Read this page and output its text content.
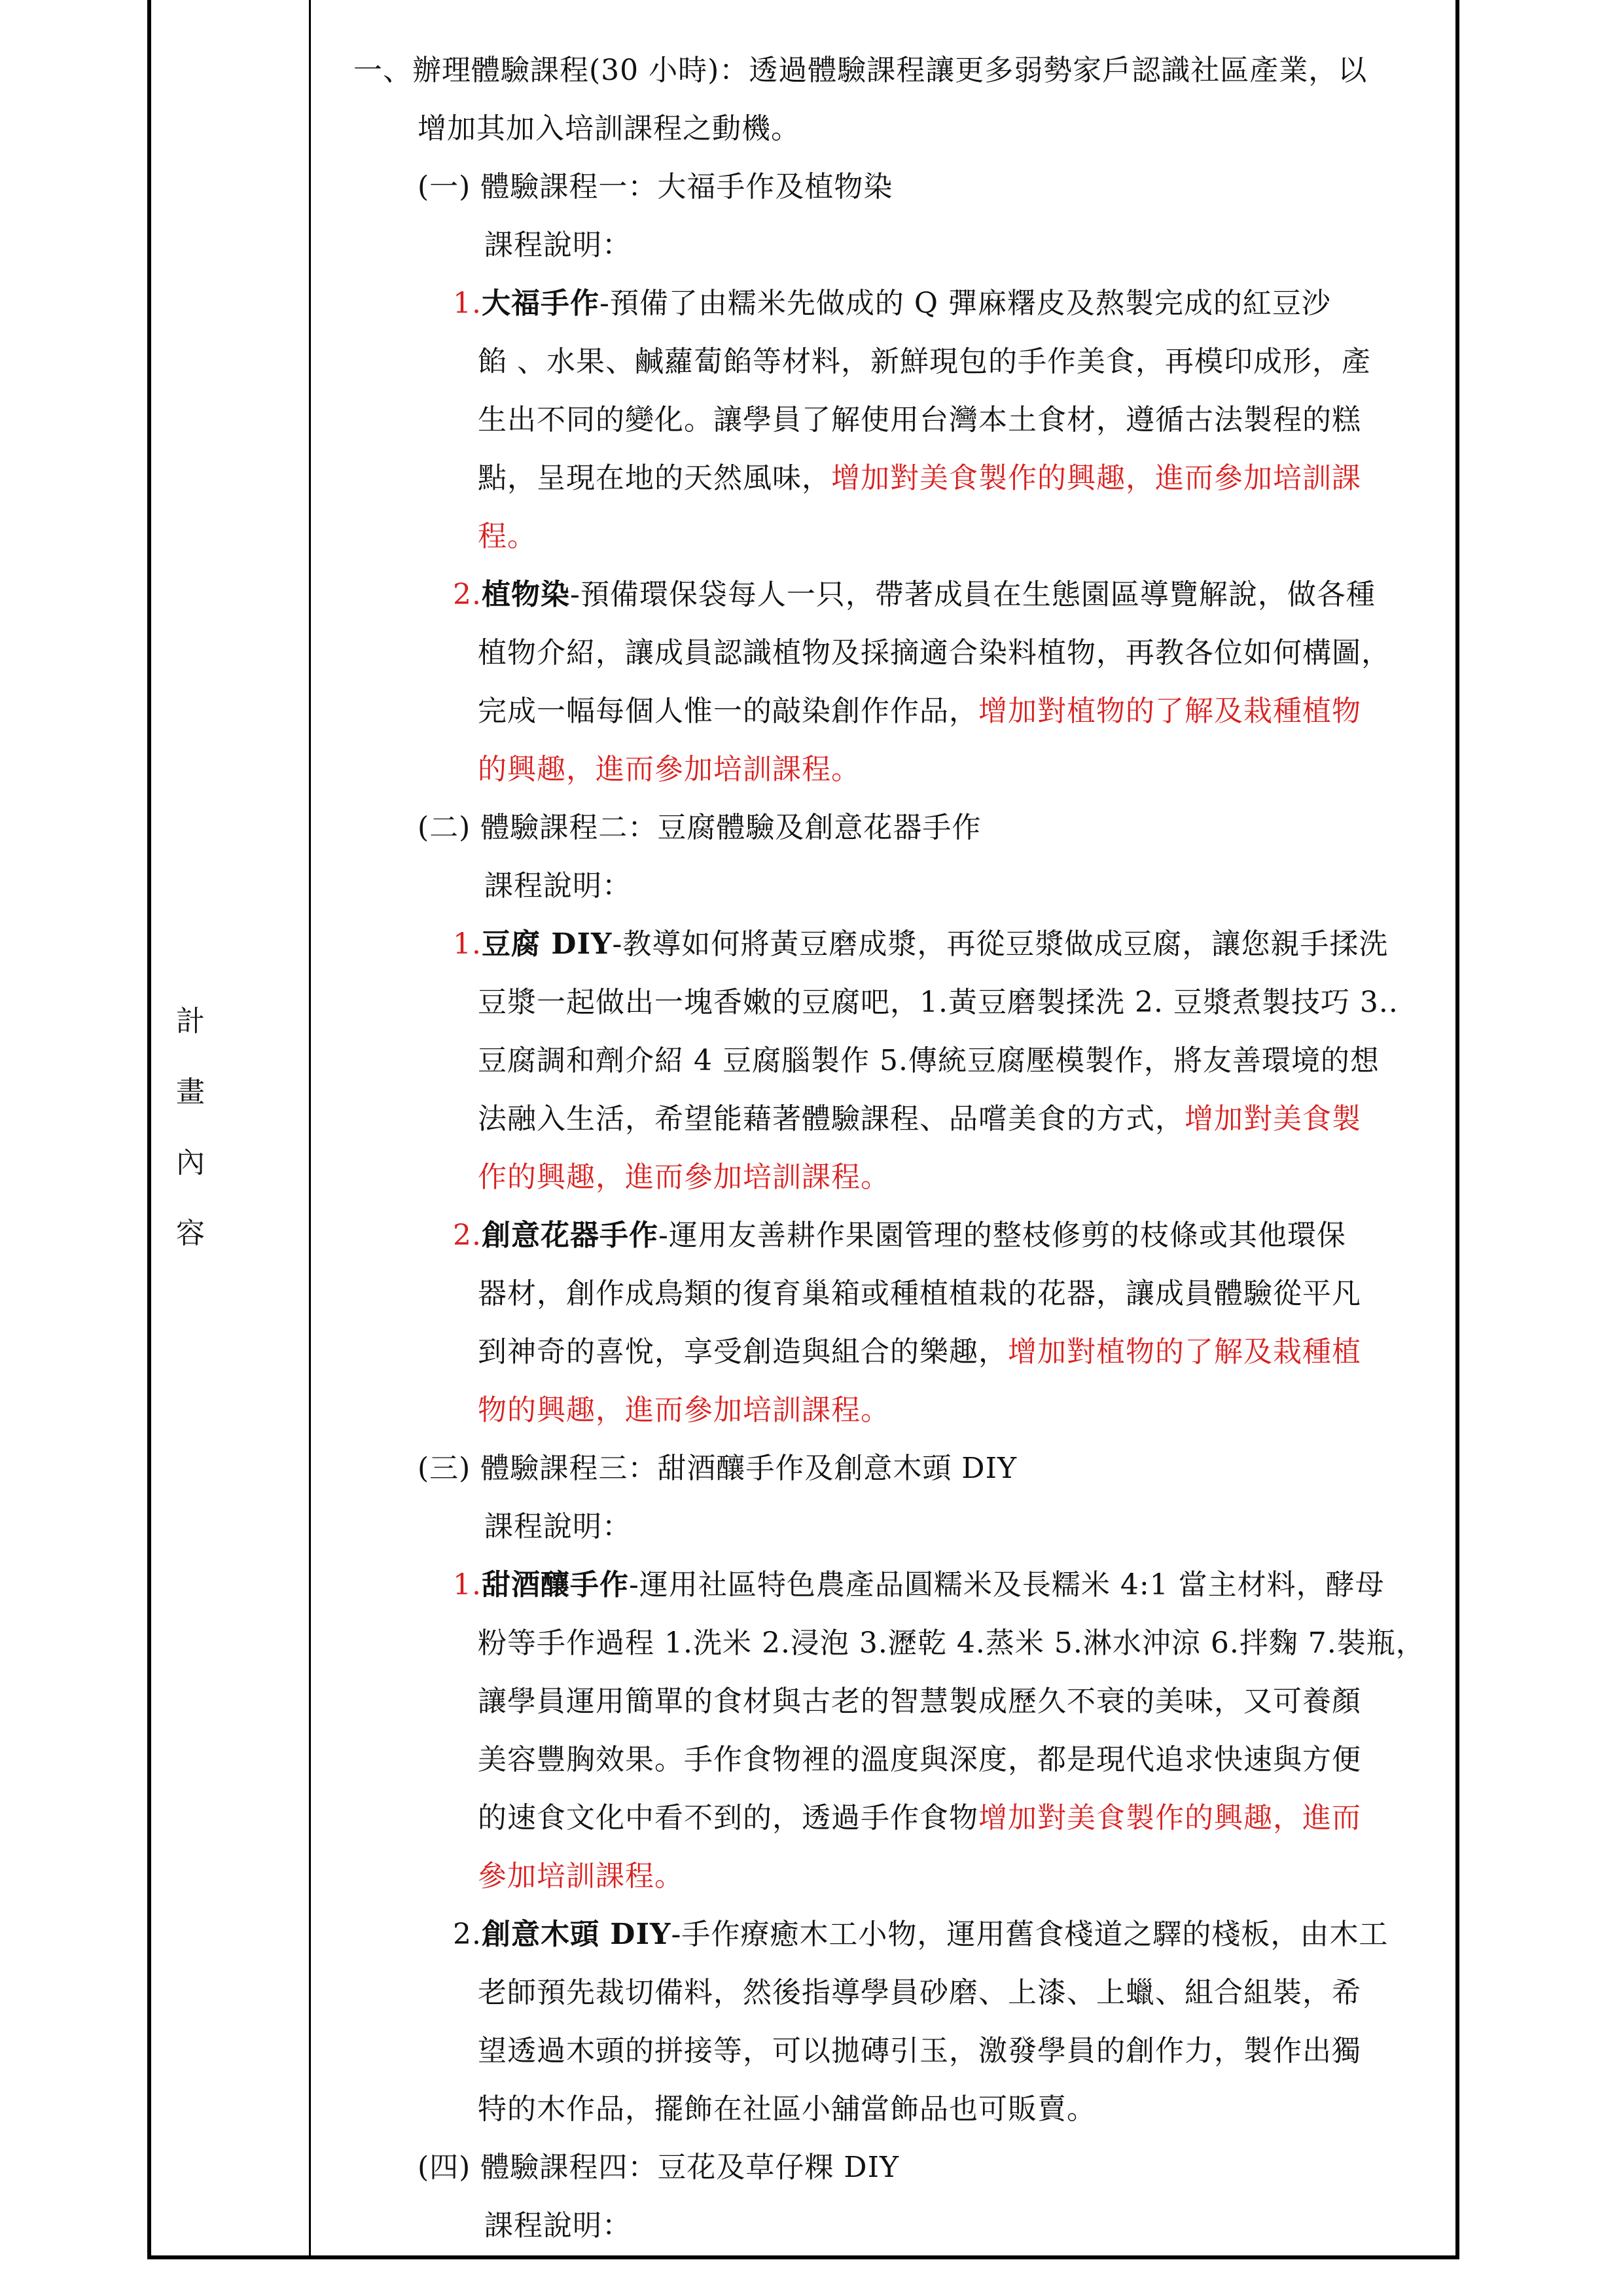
計 畫
內 容
一、辦理體驗課程(30 小時)：透過體驗課程讓更多弱勢家戶認識社區產業，以
增加其加入培訓課程之動機。
(一) 體驗課程一：大福手作及植物染
課程說明：
1.大福手作-預備了由糯米先做成的 Q 彈麻糬皮及熬製完成的紅豆沙
餡 、水果、鹹蘿蔔餡等材料，新鮮現包的手作美食，再模印成形，產
生出不同的變化。讓學員了解使用台灣本土食材，遵循古法製程的糕
點，呈現在地的天然風味，增加對美食製作的興趣，進而參加培訓課
程。
2.植物染-預備環保袋每人一只，帶著成員在生態園區導覽解說，做各種
植物介紹，讓成員認識植物及採摘適合染料植物，再教各位如何構圖，
完成一幅每個人惟一的敲染創作作品，增加對植物的了解及栽種植物
的興趣，進而參加培訓課程。
(二) 體驗課程二：豆腐體驗及創意花器手作
課程說明：
1.豆腐 DIY-教導如何將黃豆磨成漿，再從豆漿做成豆腐，讓您親手揉洗
豆漿一起做出一塊香嫩的豆腐吧，1.黃豆磨製揉洗 2. 豆漿煮製技巧 3..
豆腐調和劑介紹 4 豆腐腦製作 5.傳統豆腐壓模製作，將友善環境的想
法融入生活，希望能藉著體驗課程、品嚐美食的方式，增加對美食製
作的興趣，進而參加培訓課程。
2.創意花器手作-運用友善耕作果園管理的整枝修剪的枝條或其他環保
器材，創作成鳥類的復育巢箱或種植植栽的花器，讓成員體驗從平凡
到神奇的喜悅，享受創造與組合的樂趣，增加對植物的了解及栽種植
物的興趣，進而參加培訓課程。
(三) 體驗課程三：甜酒釀手作及創意木頭 DIY
課程說明：
1.甜酒釀手作-運用社區特色農產品圓糯米及長糯米 4:1 當主材料，酵母
粉等手作過程 1.洗米 2.浸泡 3.瀝乾 4.蒸米 5.淋水沖涼 6.拌麴 7.裝瓶，
讓學員運用簡單的食材與古老的智慧製成歷久不衰的美味，又可養顏
美容豐胸效果。手作食物裡的溫度與深度，都是現代追求快速與方便
的速食文化中看不到的，透過手作食物增加對美食製作的興趣，進而
參加培訓課程。
2.創意木頭 DIY-手作療癒木工小物，運用舊食棧道之驛的棧板，由木工
老師預先裁切備料，然後指導學員砂磨、上漆、上蠟、組合組裝，希
望透過木頭的拼接等，可以拋磚引玉，激發學員的創作力，製作出獨
特的木作品，擺飾在社區小舖當飾品也可販賣。
(四) 體驗課程四：豆花及草仔粿 DIY
課程說明：
